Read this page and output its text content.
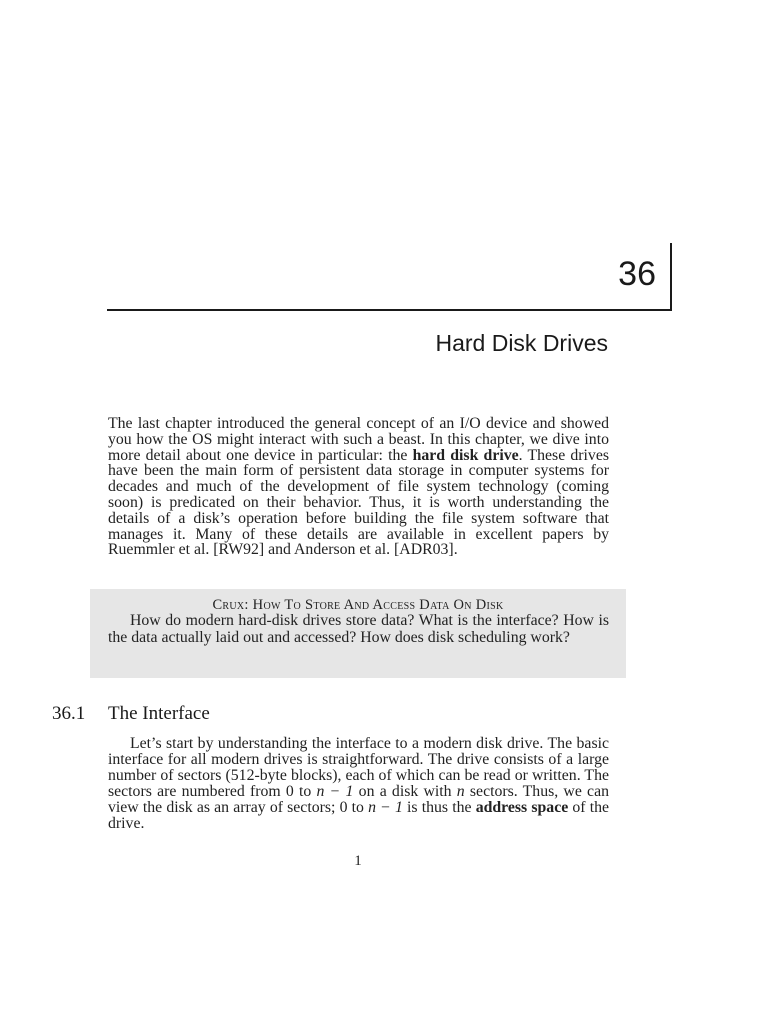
36
Hard Disk Drives

The last chapter introduced the general concept of an I/O device and showed you how the OS might interact with such a beast. In this chapter, we dive into more detail about one device in particular: the hard disk drive. These drives have been the main form of persistent data storage in computer systems for decades and much of the development of file system technology (coming soon) is predicated on their behavior. Thus, it is worth understanding the details of a disk’s operation before building the file system software that manages it. Many of these details are available in excellent papers by Ruemmler et al. [RW92] and Anderson et al. [ADR03].

Crux: How To Store And Access Data On Disk

How do modern hard-disk drives store data? What is the interface? How is the data actually laid out and accessed? How does disk scheduling work?

36.1 The Interface

Let’s start by understanding the interface to a modern disk drive. The basic interface for all modern drives is straightforward. The drive consists of a large number of sectors (512-byte blocks), each of which can be read or written. The sectors are numbered from 0 to n − 1 on a disk with n sectors. Thus, we can view the disk as an array of sectors; 0 to n − 1 is thus the address space of the drive.

1
